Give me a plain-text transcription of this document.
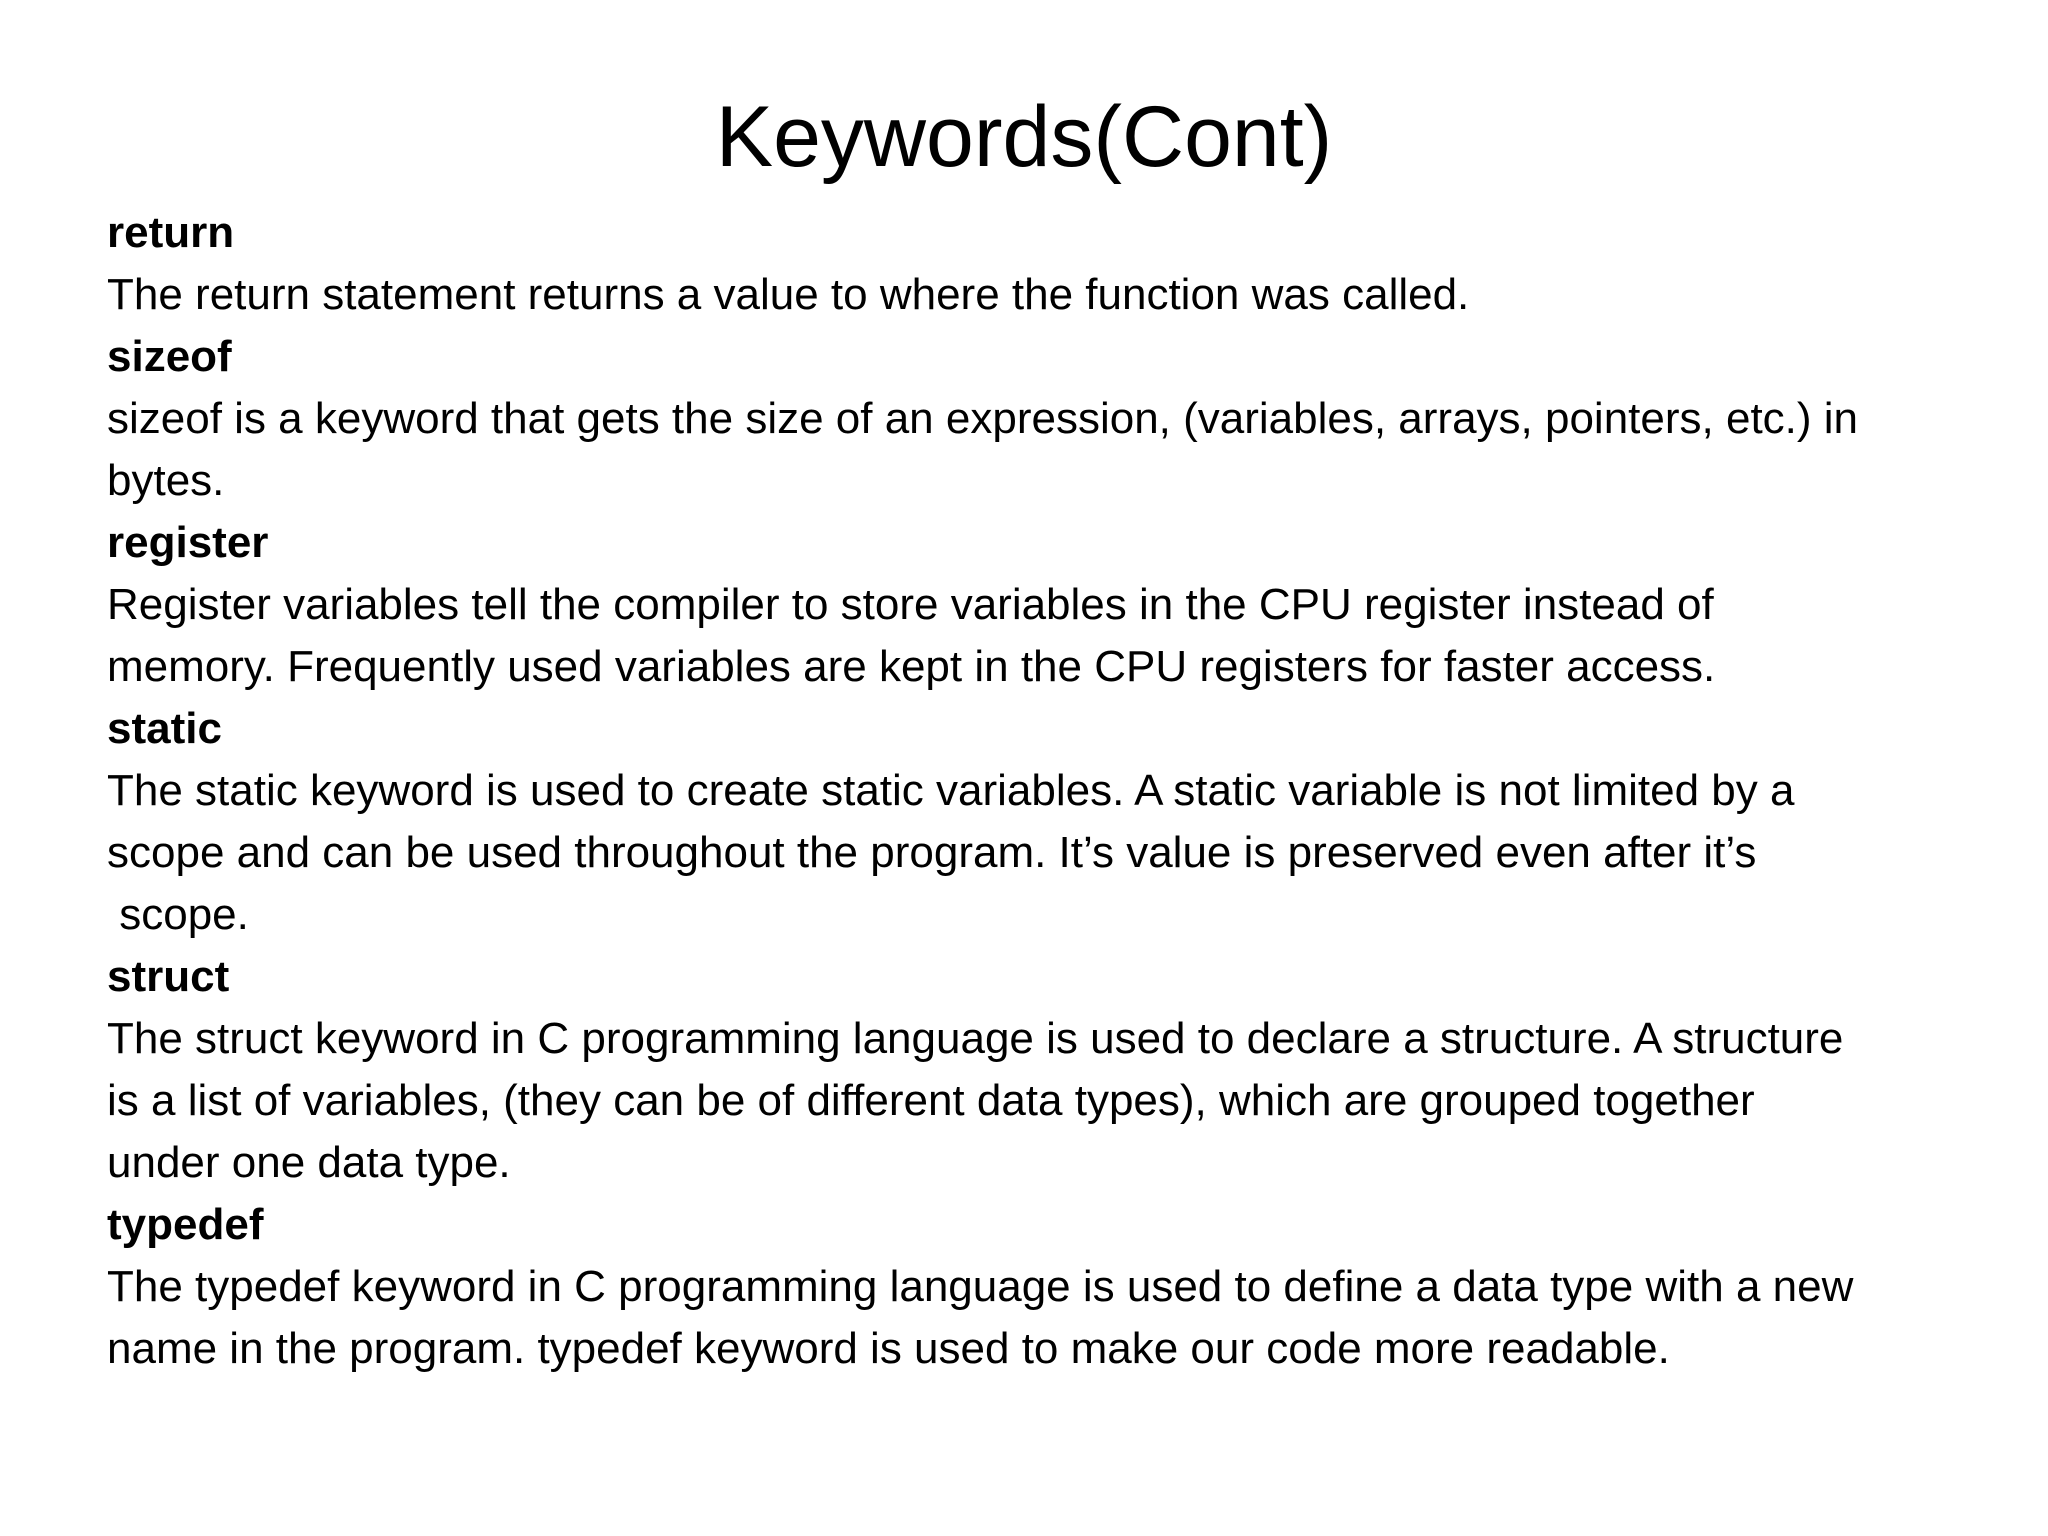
Keywords(Cont)

return

The return statement returns a value to where the function was called.

sizeof

sizeof is a keyword that gets the size of an expression, (variables, arrays, pointers, etc.) in
bytes.

register

Register variables tell the compiler to store variables in the CPU register instead of
memory. Frequently used variables are kept in the CPU registers for faster access.

static

The static keyword is used to create static variables. A static variable is not limited by a
scope and can be used throughout the program. It’s value is preserved even after it’s
scope.

struct

The struct keyword in C programming language is used to declare a structure. A structure
is a list of variables, (they can be of different data types), which are grouped together
under one data type.

typedef

The typedef keyword in C programming language is used to define a data type with a new
name in the program. typedef keyword is used to make our code more readable.
